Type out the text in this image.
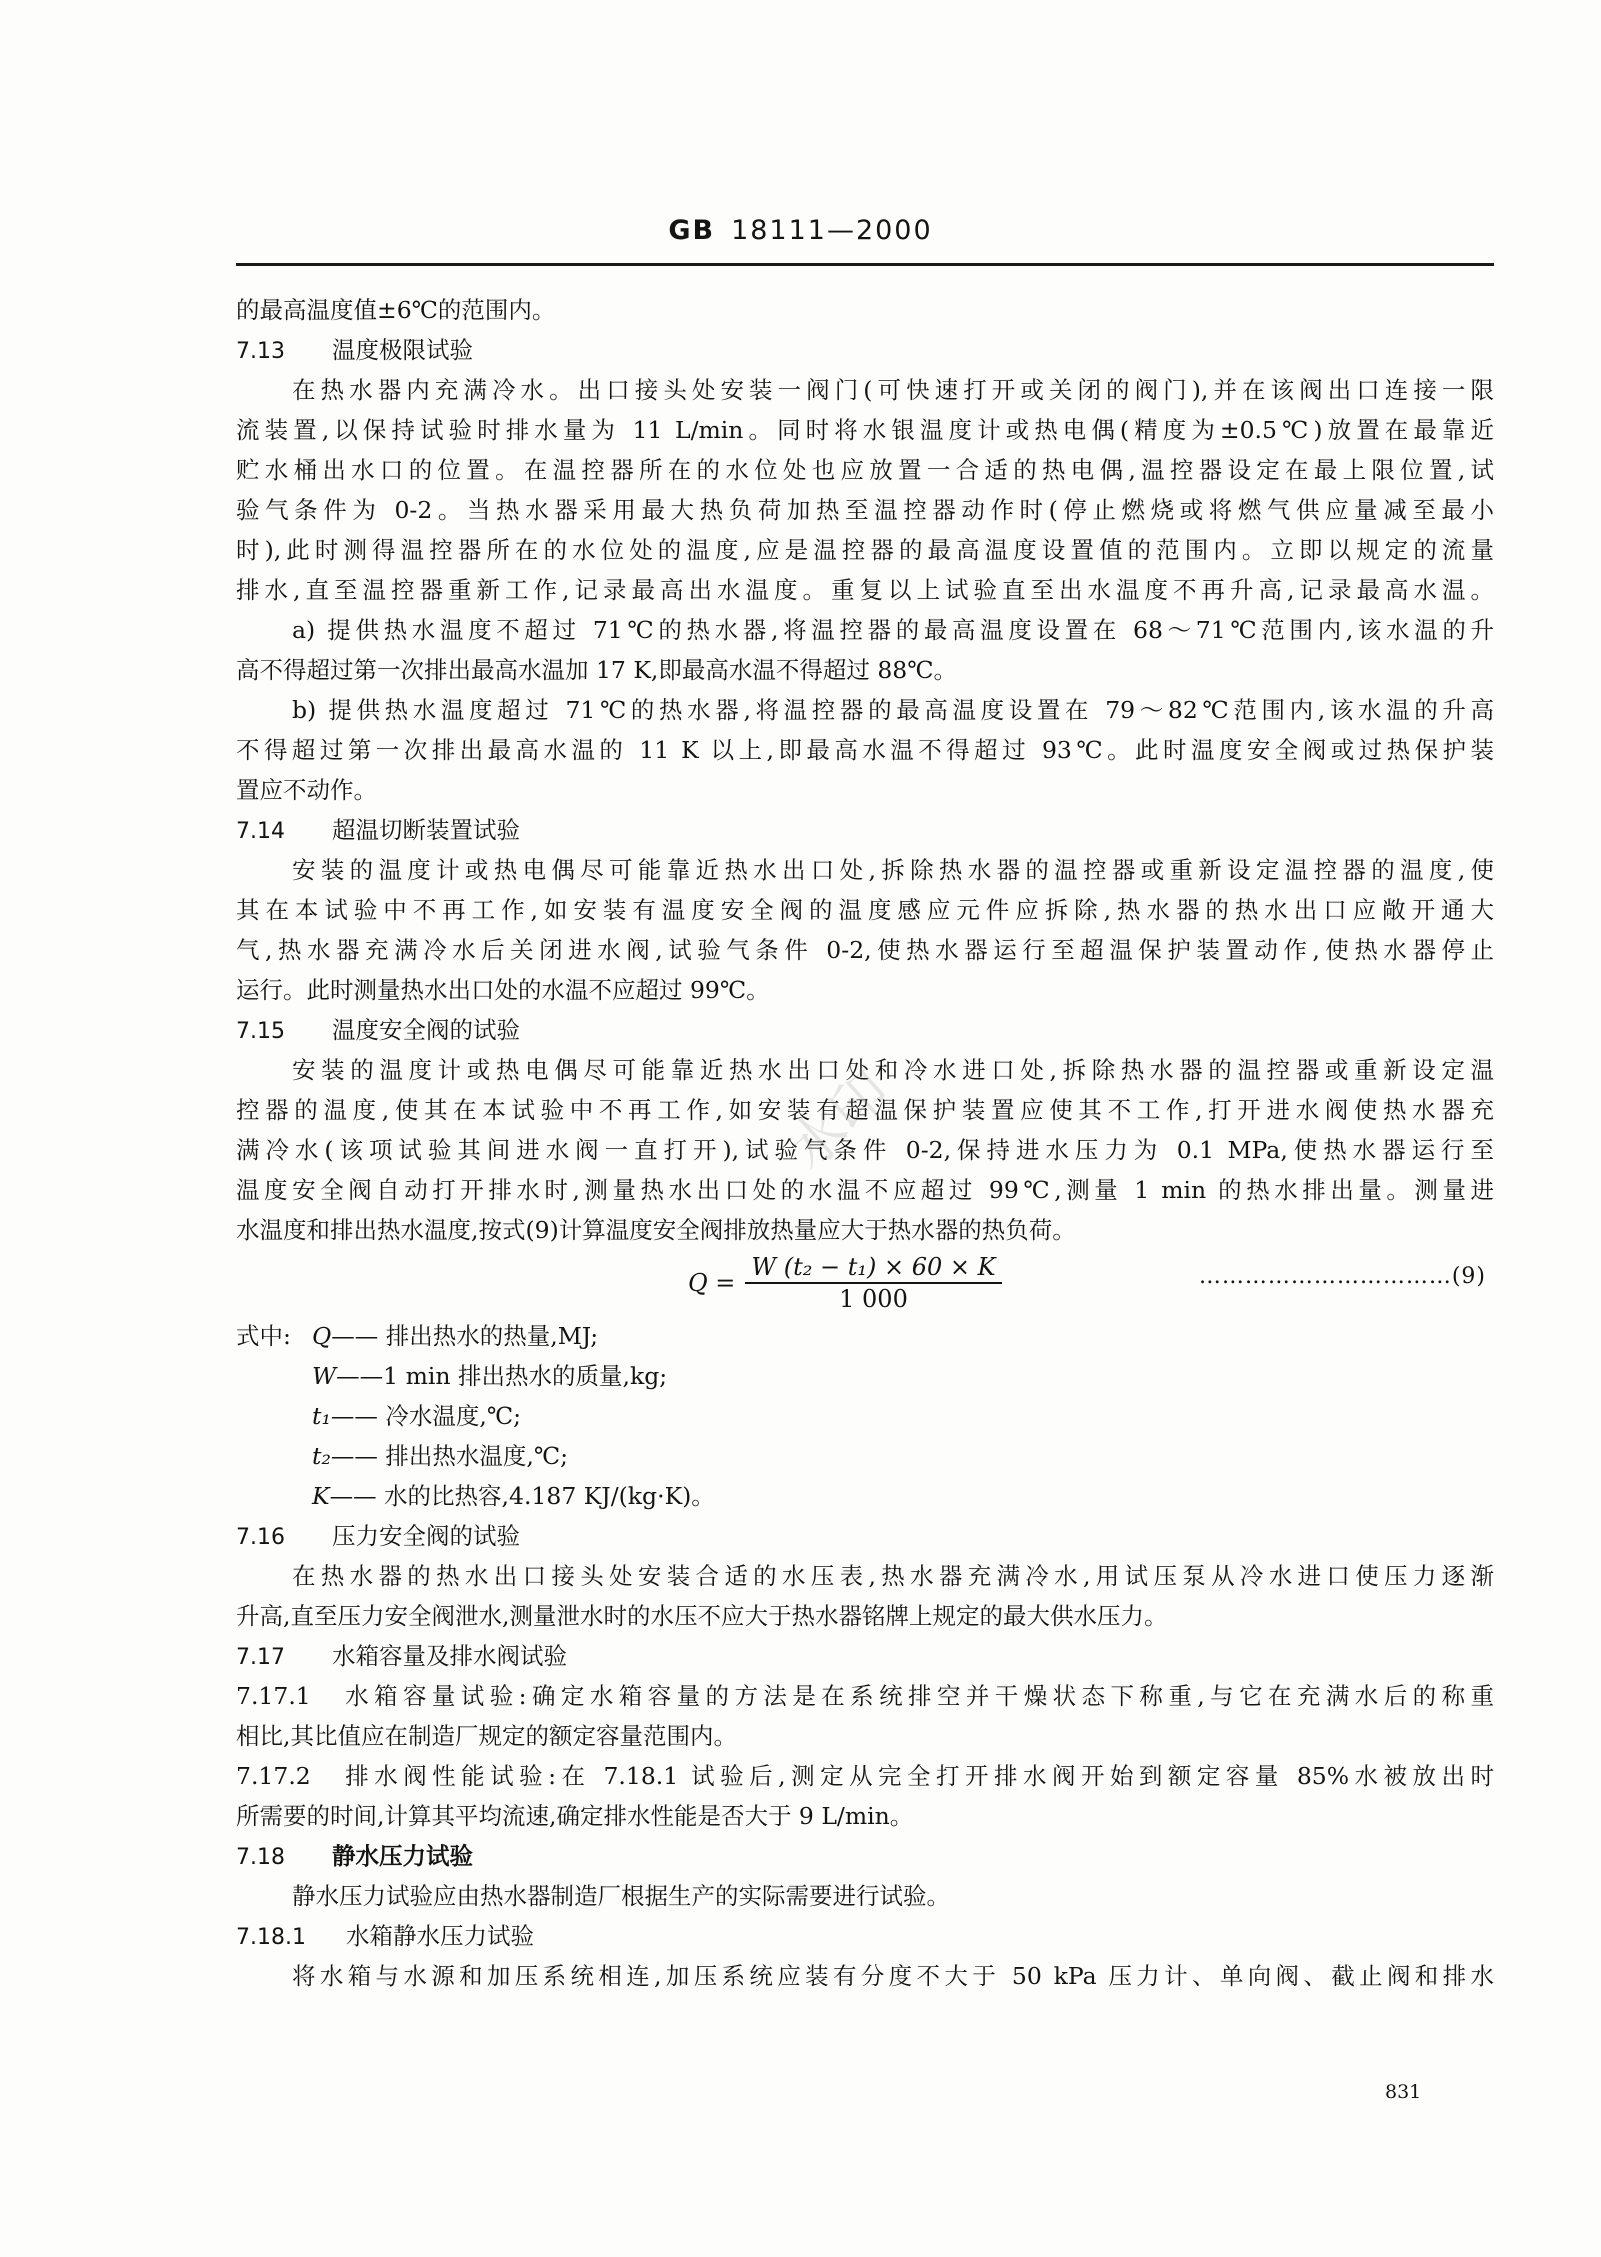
GB 18111—2000
的最高温度值±6℃的范围内。
7.13 温度极限试验
在热水器内充满冷水。出口接头处安装一阀门(可快速打开或关闭的阀门),并在该阀出口连接一限
流装置,以保持试验时排水量为 11 L/min。同时将水银温度计或热电偶(精度为±0.5℃)放置在最靠近
贮水桶出水口的位置。在温控器所在的水位处也应放置一合适的热电偶,温控器设定在最上限位置,试
验气条件为 0-2。当热水器采用最大热负荷加热至温控器动作时(停止燃烧或将燃气供应量减至最小
时),此时测得温控器所在的水位处的温度,应是温控器的最高温度设置值的范围内。立即以规定的流量
排水,直至温控器重新工作,记录最高出水温度。重复以上试验直至出水温度不再升高,记录最高水温。
a) 提供热水温度不超过 71℃的热水器,将温控器的最高温度设置在 68～71℃范围内,该水温的升
高不得超过第一次排出最高水温加 17 K,即最高水温不得超过 88℃。
b) 提供热水温度超过 71℃的热水器,将温控器的最高温度设置在 79～82℃范围内,该水温的升高
不得超过第一次排出最高水温的 11 K 以上,即最高水温不得超过 93℃。此时温度安全阀或过热保护装
置应不动作。
7.14 超温切断装置试验
安装的温度计或热电偶尽可能靠近热水出口处,拆除热水器的温控器或重新设定温控器的温度,使
其在本试验中不再工作,如安装有温度安全阀的温度感应元件应拆除,热水器的热水出口应敞开通大
气,热水器充满冷水后关闭进水阀,试验气条件 0-2,使热水器运行至超温保护装置动作,使热水器停止
运行。此时测量热水出口处的水温不应超过 99℃。
7.15 温度安全阀的试验
安装的温度计或热电偶尽可能靠近热水出口处和冷水进口处,拆除热水器的温控器或重新设定温
控器的温度,使其在本试验中不再工作,如安装有超温保护装置应使其不工作,打开进水阀使热水器充
满冷水(该项试验其间进水阀一直打开),试验气条件 0-2,保持进水压力为 0.1 MPa,使热水器运行至
温度安全阀自动打开排水时,测量热水出口处的水温不应超过 99℃,测量 1 min 的热水排出量。测量进
水温度和排出热水温度,按式(9)计算温度安全阀排放热量应大于热水器的热负荷。
$Q = \frac{\text{W (t₂ − t₁) × 60 × K}}{1 000}$	……………………………(9)
式中: Q—— 排出热水的热量,MJ;
W——1 min 排出热水的质量,kg;
t₁—— 冷水温度,℃;
t₂—— 排出热水温度,℃;
K—— 水的比热容,4.187 KJ/(kg·K)。
7.16 压力安全阀的试验
在热水器的热水出口接头处安装合适的水压表,热水器充满冷水,用试压泵从冷水进口使压力逐渐
升高,直至压力安全阀泄水,测量泄水时的水压不应大于热水器铭牌上规定的最大供水压力。
7.17 水箱容量及排水阀试验
7.17.1　水箱容量试验:确定水箱容量的方法是在系统排空并干燥状态下称重,与它在充满水后的称重
相比,其比值应在制造厂规定的额定容量范围内。
7.17.2　排水阀性能试验:在 7.18.1 试验后,测定从完全打开排水阀开始到额定容量 85%水被放出时
所需要的时间,计算其平均流速,确定排水性能是否大于 9 L/min。
7.18 静水压力试验
静水压力试验应由热水器制造厂根据生产的实际需要进行试验。
7.18.1 水箱静水压力试验
将水箱与水源和加压系统相连,加压系统应装有分度不大于 50 kPa 压力计、单向阀、截止阀和排水
水印
831
